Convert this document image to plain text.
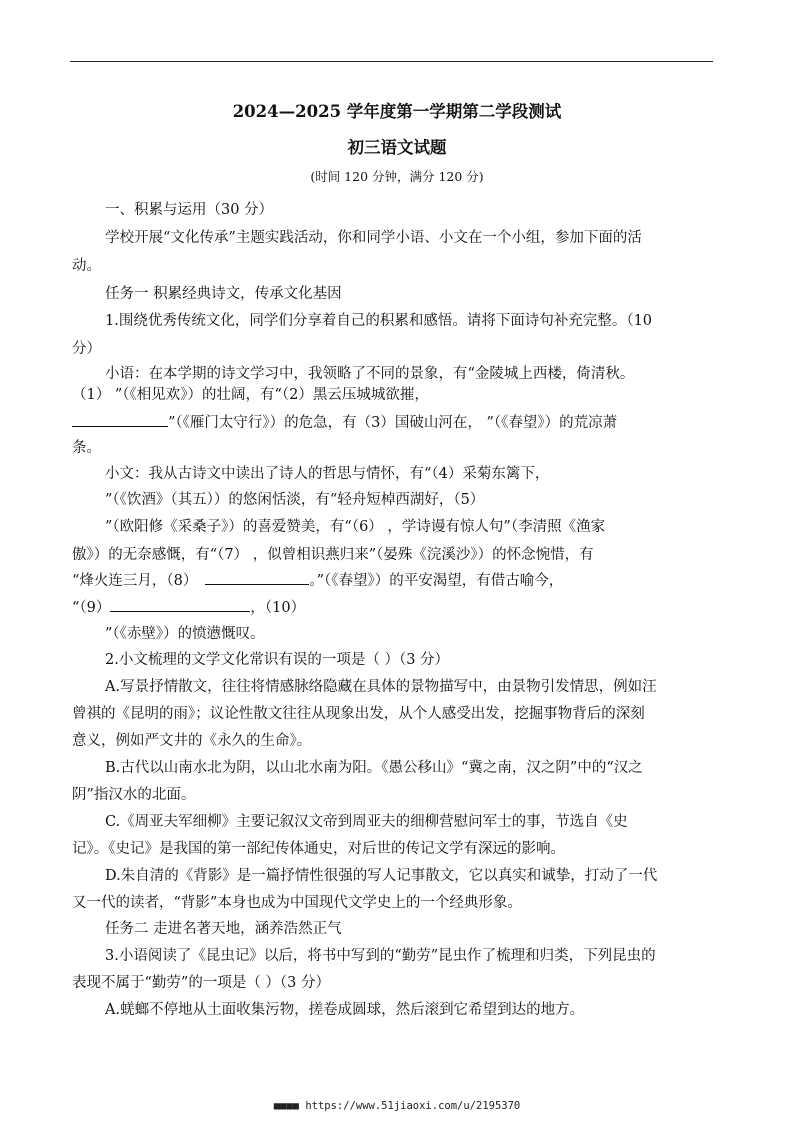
2024—2025 学年度第一学期第二学段测试
初三语文试题
(时间 120 分钟，满分 120 分)
一、积累与运用（30 分）
学校开展“文化传承”主题实践活动，你和同学小语、小文在一个小组，参加下面的活
动。
任务一 积累经典诗文，传承文化基因
1.围绕优秀传统文化，同学们分享着自己的积累和感悟。请将下面诗句补充完整。（10
分）
小语：在本学期的诗文学习中，我领略了不同的景象，有“金陵城上西楼，倚清秋。
（1） ”（《相见欢》）的壮阔，有“（2）黑云压城城欲摧，
”（《雁门太守行》）的危急，有（3）国破山河在， ”（《春望》）的荒凉萧
条。
小文：我从古诗文中读出了诗人的哲思与情怀，有“（4）采菊东篱下，
”（《饮酒》（其五））的悠闲恬淡，有“轻舟短棹西湖好，（5）
”（欧阳修《采桑子》）的喜爱赞美，有“（6） ，学诗谩有惊人句”（李清照《渔家
傲》）的无奈感慨，有“（7） ，似曾相识燕归来”（晏殊《浣溪沙》）的怀念惋惜，有
“烽火连三月，（8）	。”（《春望》）的平安渴望，有借古喻今，
“（9）	，（10）
”（《赤壁》）的愤懑慨叹。
2.小文梳理的文学文化常识有误的一项是（ ）（3 分）
A.写景抒情散文，往往将情感脉络隐藏在具体的景物描写中，由景物引发情思，例如汪
曾祺的《昆明的雨》；议论性散文往往从现象出发，从个人感受出发，挖掘事物背后的深刻
意义，例如严文井的《永久的生命》。
B.古代以山南水北为阴，以山北水南为阳。《愚公移山》“冀之南，汉之阴”中的“汉之
阴”指汉水的北面。
C.《周亚夫军细柳》主要记叙汉文帝到周亚夫的细柳营慰问军士的事，节选自《史
记》。《史记》是我国的第一部纪传体通史，对后世的传记文学有深远的影响。
D.朱自清的《背影》是一篇抒情性很强的写人记事散文，它以真实和诚挚，打动了一代
又一代的读者，“背影”本身也成为中国现代文学史上的一个经典形象。
任务二 走进名著天地，涵养浩然正气
3.小语阅读了《昆虫记》以后，将书中写到的“勤劳”昆虫作了梳理和归类，下列昆虫的
表现不属于“勤劳”的一项是（ ）（3 分）
A.蜣螂不停地从土面收集污物，搓卷成圆球，然后滚到它希望到达的地方。
■■■■ https://www.51jiaoxi.com/u/2195370
